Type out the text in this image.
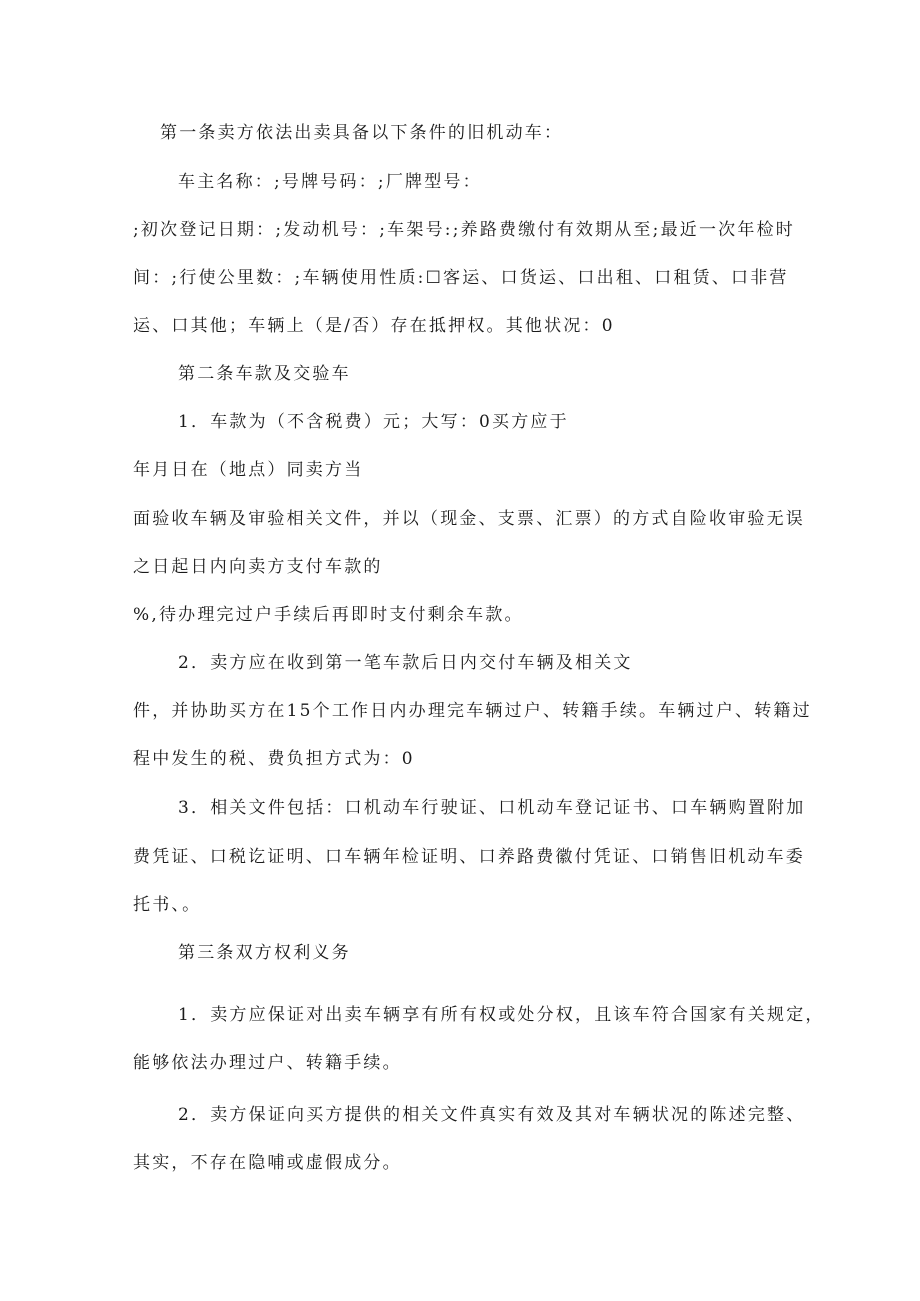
第一条卖方依法出卖具备以下条件的旧机动车：
车主名称：;号牌号码：;厂牌型号：
;初次登记日期：;发动机号：;车架号:;养路费缴付有效期从至;最近一次年检时
间：;行使公里数：;车辆使用性质:☐客运、口货运、口出租、口租赁、口非营
运、口其他；车辆上（是/否）存在抵押权。其他状况：0
第二条车款及交验车
1．车款为（不含税费）元；大写：0买方应于
年月日在（地点）同卖方当
面验收车辆及审验相关文件，并以（现金、支票、汇票）的方式自险收审验无误
之日起日内向卖方支付车款的
%,待办理完过户手续后再即时支付剩余车款。
2．卖方应在收到第一笔车款后日内交付车辆及相关文
件，并协助买方在15个工作日内办理完车辆过户、转籍手续。车辆过户、转籍过
程中发生的税、费负担方式为：0
3．相关文件包括：口机动车行驶证、口机动车登记证书、口车辆购置附加
费凭证、口税讫证明、口车辆年检证明、口养路费徽付凭证、口销售旧机动车委
托书、。
第三条双方权利义务
1．卖方应保证对出卖车辆享有所有权或处分权，且该车符合国家有关规定，
能够依法办理过户、转籍手续。
2．卖方保证向买方提供的相关文件真实有效及其对车辆状况的陈述完整、
其实，不存在隐哺或虚假成分。
